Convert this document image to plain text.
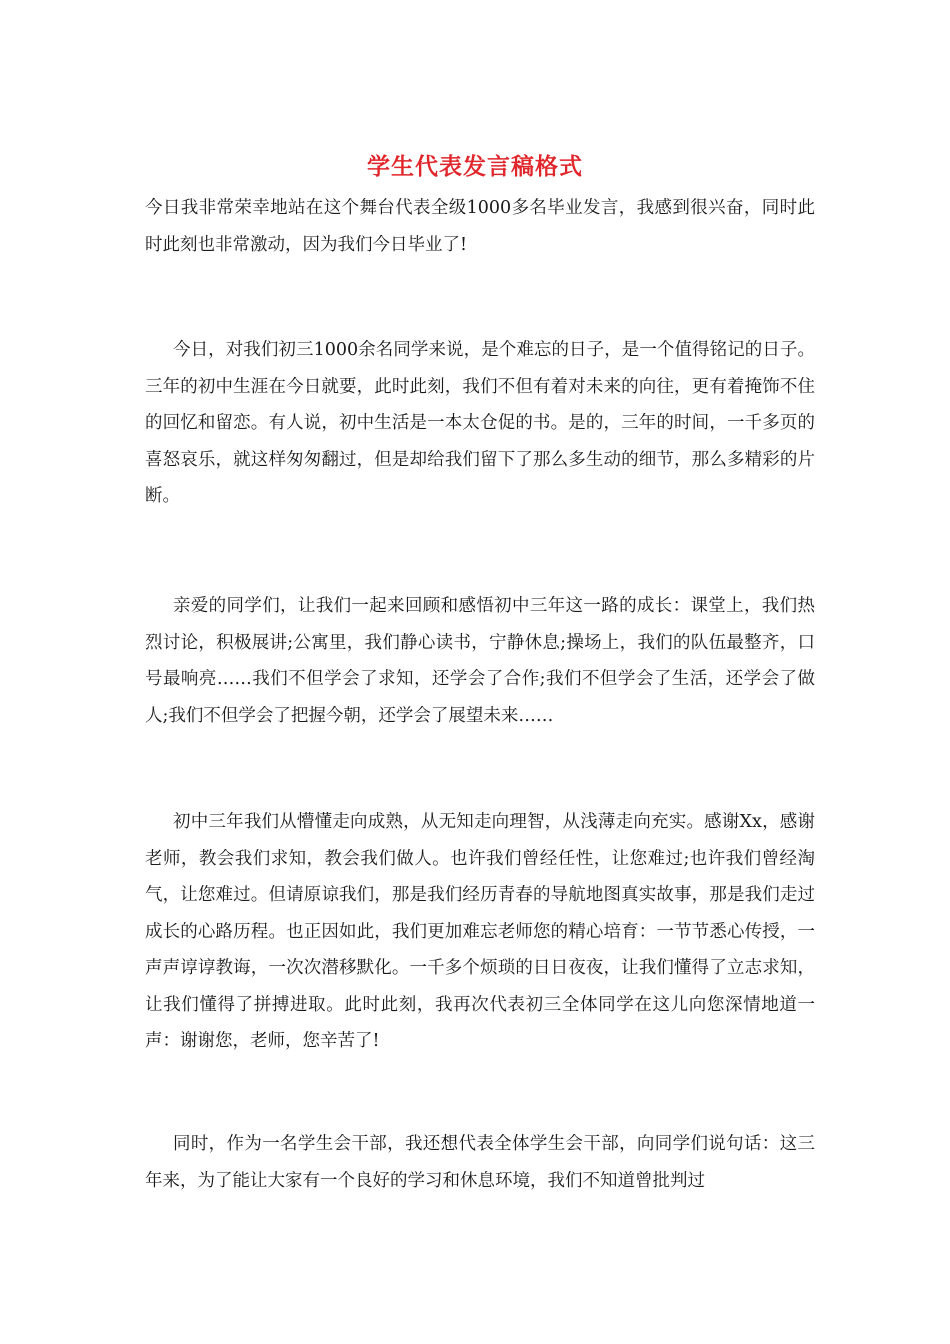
学生代表发言稿格式
今日我非常荣幸地站在这个舞台代表全级1000多名毕业发言，我感到很兴奋，同时此时此刻也非常激动，因为我们今日毕业了!
今日，对我们初三1000余名同学来说，是个难忘的日子，是一个值得铭记的日子。三年的初中生涯在今日就要，此时此刻，我们不但有着对未来的向往，更有着掩饰不住的回忆和留恋。有人说，初中生活是一本太仓促的书。是的，三年的时间，一千多页的喜怒哀乐，就这样匆匆翻过，但是却给我们留下了那么多生动的细节，那么多精彩的片断。
亲爱的同学们，让我们一起来回顾和感悟初中三年这一路的成长：课堂上，我们热烈讨论，积极展讲;公寓里，我们静心读书，宁静休息;操场上，我们的队伍最整齐，口号最响亮……我们不但学会了求知，还学会了合作;我们不但学会了生活，还学会了做人;我们不但学会了把握今朝，还学会了展望未来……
初中三年我们从懵懂走向成熟，从无知走向理智，从浅薄走向充实。感谢Xx，感谢老师，教会我们求知，教会我们做人。也许我们曾经任性，让您难过;也许我们曾经淘气，让您难过。但请原谅我们，那是我们经历青春的导航地图真实故事，那是我们走过成长的心路历程。也正因如此，我们更加难忘老师您的精心培育：一节节悉心传授，一声声谆谆教诲，一次次潜移默化。一千多个烦琐的日日夜夜，让我们懂得了立志求知，让我们懂得了拼搏进取。此时此刻，我再次代表初三全体同学在这儿向您深情地道一声：谢谢您，老师，您辛苦了!
同时，作为一名学生会干部，我还想代表全体学生会干部，向同学们说句话：这三年来，为了能让大家有一个良好的学习和休息环境，我们不知道曾批判过
